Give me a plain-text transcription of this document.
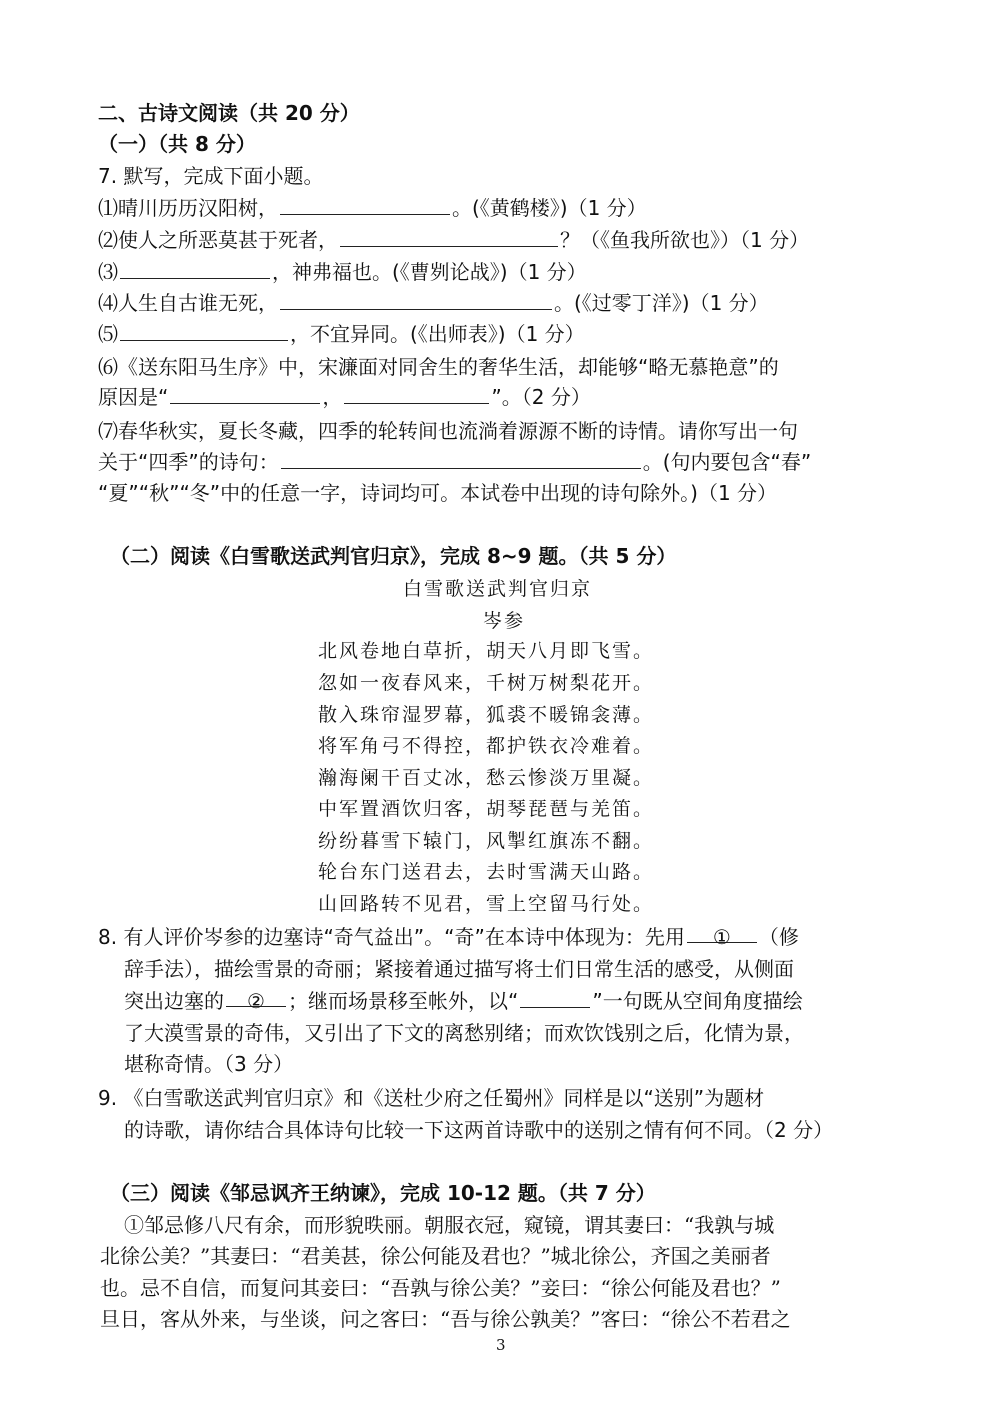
二、古诗文阅读（共 20 分）
（一）（共 8 分）
7. 默写，完成下面小题。
⑴晴川历历汉阳树，	。(《黄鹤楼》)（1 分）
⑵使人之所恶莫甚于死者，	？（《鱼我所欲也》）（1 分）
⑶	，神弗福也。(《曹刿论战》)（1 分）
⑷人生自古谁无死，	。(《过零丁洋》)（1 分）
⑸	，不宜异同。(《出师表》)（1 分）
⑹《送东阳马生序》中，宋濂面对同舍生的奢华生活，却能够“略无慕艳意”的
原因是“	，	”。（2 分）
⑺春华秋实，夏长冬藏，四季的轮转间也流淌着源源不断的诗情。请你写出一句
关于“四季”的诗句：	。(句内要包含“春”
“夏”“秋”“冬”中的任意一字，诗词均可。本试卷中出现的诗句除外。)（1 分）
（二）阅读《白雪歌送武判官归京》，完成 8~9 题。（共 5 分）
白雪歌送武判官归京
岑参
北风卷地白草折，胡天八月即飞雪。
忽如一夜春风来，千树万树梨花开。
散入珠帘湿罗幕，狐裘不暖锦衾薄。
将军角弓不得控，都护铁衣冷难着。
瀚海阑干百丈冰，愁云惨淡万里凝。
中军置酒饮归客，胡琴琵琶与羌笛。
纷纷暮雪下辕门，风掣红旗冻不翻。
轮台东门送君去，去时雪满天山路。
山回路转不见君，雪上空留马行处。
8. 有人评价岑参的边塞诗“奇气益出”。“奇”在本诗中体现为：先用 ① （修
辞手法），描绘雪景的奇丽；紧接着通过描写将士们日常生活的感受，从侧面
突出边塞的 ② ；继而场景移至帐外，以“	”一句既从空间角度描绘
了大漠雪景的奇伟，又引出了下文的离愁别绪；而欢饮饯别之后，化情为景，
堪称奇情。（3 分）
9. 《白雪歌送武判官归京》和《送杜少府之任蜀州》同样是以“送别”为题材
的诗歌，请你结合具体诗句比较一下这两首诗歌中的送别之情有何不同。（2 分）
（三）阅读《邹忌讽齐王纳谏》，完成 10-12 题。（共 7 分）
①邹忌修八尺有余，而形貌昳丽。朝服衣冠，窥镜，谓其妻曰：“我孰与城
北徐公美？”其妻曰：“君美甚，徐公何能及君也？”城北徐公，齐国之美丽者
也。忌不自信，而复问其妾曰：“吾孰与徐公美？”妾曰：“徐公何能及君也？”
旦日，客从外来，与坐谈，问之客曰：“吾与徐公孰美？”客曰：“徐公不若君之
3
